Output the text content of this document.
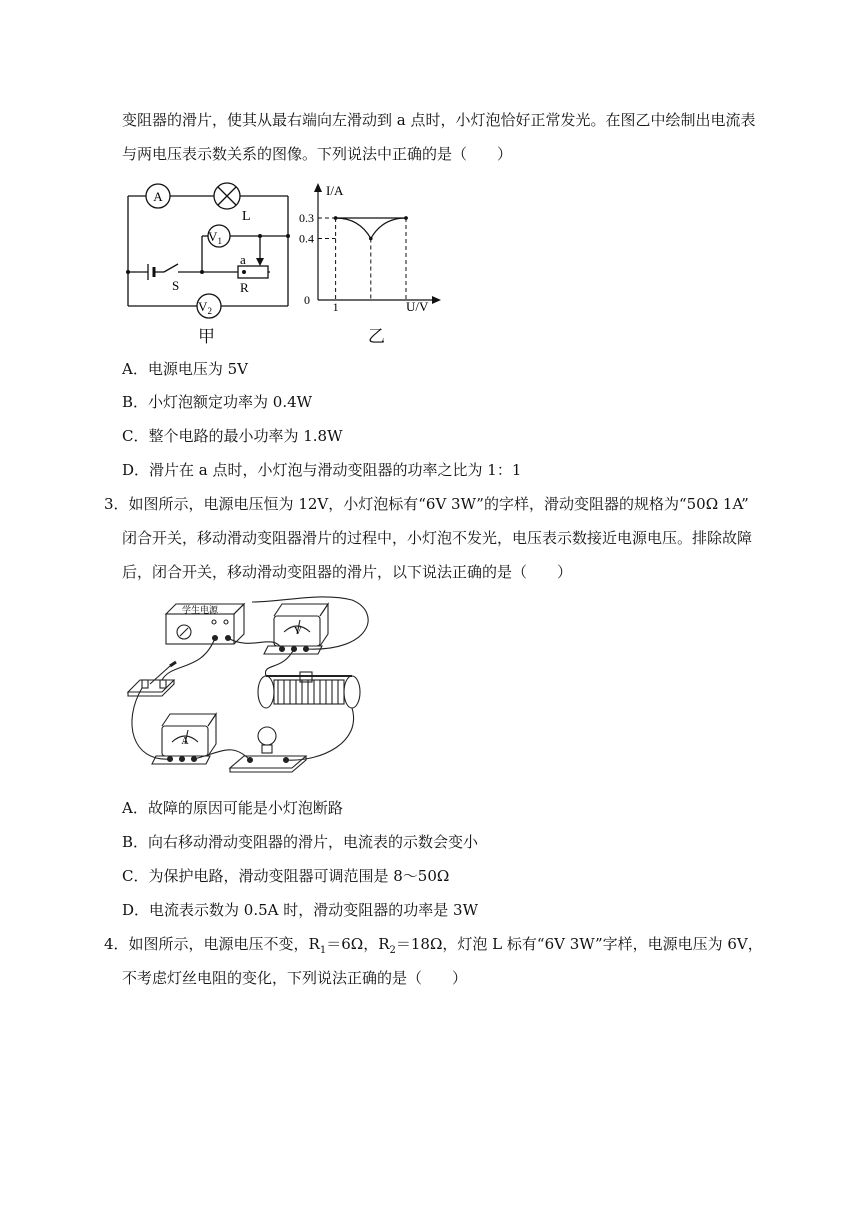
变阻器的滑片，使其从最右端向左滑动到 a 点时，小灯泡恰好正常发光。在图乙中绘制出电流表
与两电压表示数关系的图像。下列说法中正确的是（　　）
A
L
$V_1$
$V_2$
S
a
R
甲
I/A
U/V
0
0.4
0.3
1
乙
A．电源电压为 5V
B．小灯泡额定功率为 0.4W
C．整个电路的最小功率为 1.8W
D．滑片在 a 点时，小灯泡与滑动变阻器的功率之比为 1：1
3．如图所示，电源电压恒为 12V，小灯泡标有“6V 3W”的字样，滑动变阻器的规格为“50Ω 1A”
闭合开关，移动滑动变阻器滑片的过程中，小灯泡不发光，电压表示数接近电源电压。排除故障
后，闭合开关，移动滑动变阻器的滑片，以下说法正确的是（　　）
学生电源
V
A
A．故障的原因可能是小灯泡断路
B．向右移动滑动变阻器的滑片，电流表的示数会变小
C．为保护电路，滑动变阻器可调范围是 8～50Ω
D．电流表示数为 0.5A 时，滑动变阻器的功率是 3W
4．如图所示，电源电压不变，$R_1=6\Omega$，$R_2=18\Omega$，灯泡 L 标有“6V 3W”字样，电源电压为 6V，
不考虑灯丝电阻的变化，下列说法正确的是（　　）
